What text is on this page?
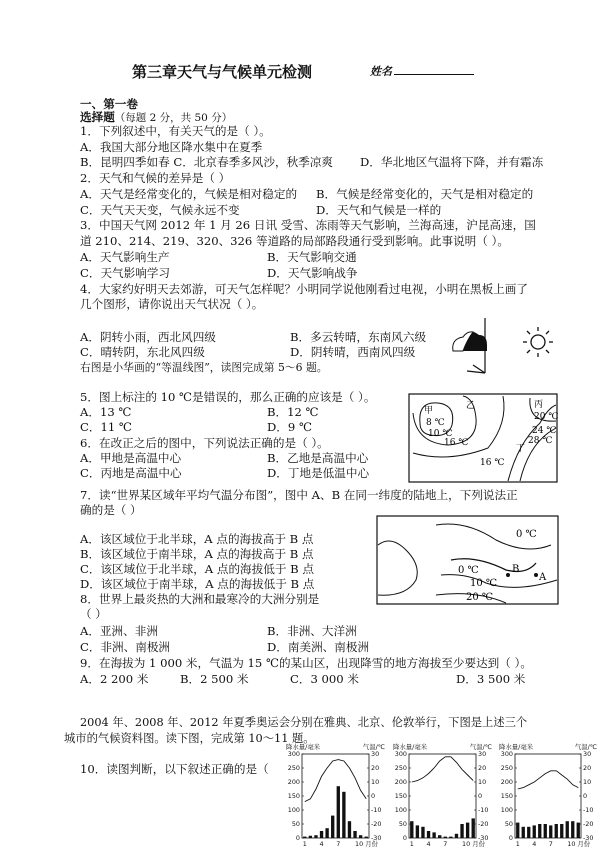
第三章天气与气候单元检测	姓名
一、第一卷
选择题（每题 2 分，共 50 分）
1．下列叙述中，有关天气的是（ ）。
A．我国大部分地区降水集中在夏季
B．昆明四季如春 C．北京春季多风沙，秋季凉爽 D．华北地区气温将下降，并有霜冻
2．天气和气候的差异是（ ）
A．天气是经常变化的，气候是相对稳定的 B．气候是经常变化的，天气是相对稳定的
C．天气天天变，气候永远不变	D．天气和气候是一样的
3．中国天气网 2012 年 1 月 26 日讯 受雪、冻雨等天气影响，兰海高速，沪昆高速，国
道 210、214、219、320、326 等道路的局部路段通行受到影响。此事说明（ ）。
A．天气影响生产	B．天气影响交通
C．天气影响学习	D．天气影响战争
4．大家约好明天去郊游，可天气怎样呢？小明同学说他刚看过电视，小明在黑板上画了
几个图形，请你说出天气状况（ ）。
A．阴转小雨，西北风四级	B．多云转晴，东南风六级
C．晴转阴，东北风四级	D．阴转晴，西南风四级
右图是小华画的“等温线图”，读图完成第 5～6 题。
5．图上标注的 10 ℃是错误的，那么正确的应该是（ ）。
A．13 ℃	B．12 ℃
C．11 ℃	D．9 ℃
6．在改正之后的图中，下列说法正确的是（ ）。
A．甲地是高温中心	B．乙地是高温中心
C．丙地是高温中心	D．丁地是低温中心
甲	乙	丙
丁
8 ℃
10 ℃
16 ℃
20 ℃
24 ℃
28 ℃
16 ℃
7．读“世界某区域年平均气温分布图”，图中 A、B 在同一纬度的陆地上，下列说法正
确的是（ ）
A．该区域位于北半球，A 点的海拔高于 B 点
B．该区域位于南半球，A 点的海拔高于 B 点
C．该区域位于北半球，A 点的海拔低于 B 点
D．该区域位于南半球，A 点的海拔低于 B 点
0 ℃
0 ℃
10 ℃
20 ℃
B
A
8．世界上最炎热的大洲和最寒冷的大洲分别是
（ ）
A．亚洲、非洲	B．非洲、大洋洲
C．非洲、南极洲	D．南美洲、南极洲
9．在海拔为 1 000 米，气温为 15 ℃的某山区，出现降雪的地方海拔至少要达到（ ）。
A．2 200 米	B．2 500 米	C．3 000 米	D．3 500 米
2004 年、2008 年、2012 年夏季奥运会分别在雅典、北京、伦敦举行，下图是上述三个
城市的气候资料图。读下图，完成第 10～11 题。
10．读图判断，以下叙述正确的是（
降水量/毫米	气温/℃
300
250
200
150
100
50
0
30
20
10
0
-10
-20
-30
1 4 7 10 月份
降水量/毫米	气温/℃
300
250
200
150
100
50
0
30
20
10
0
-10
-20
-30
1 4 7 10 月份
降水量/毫米	气温/℃
300
250
200
150
100
50
0
30
20
10
0
-10
-20
-30
1 4 7 10 月份
